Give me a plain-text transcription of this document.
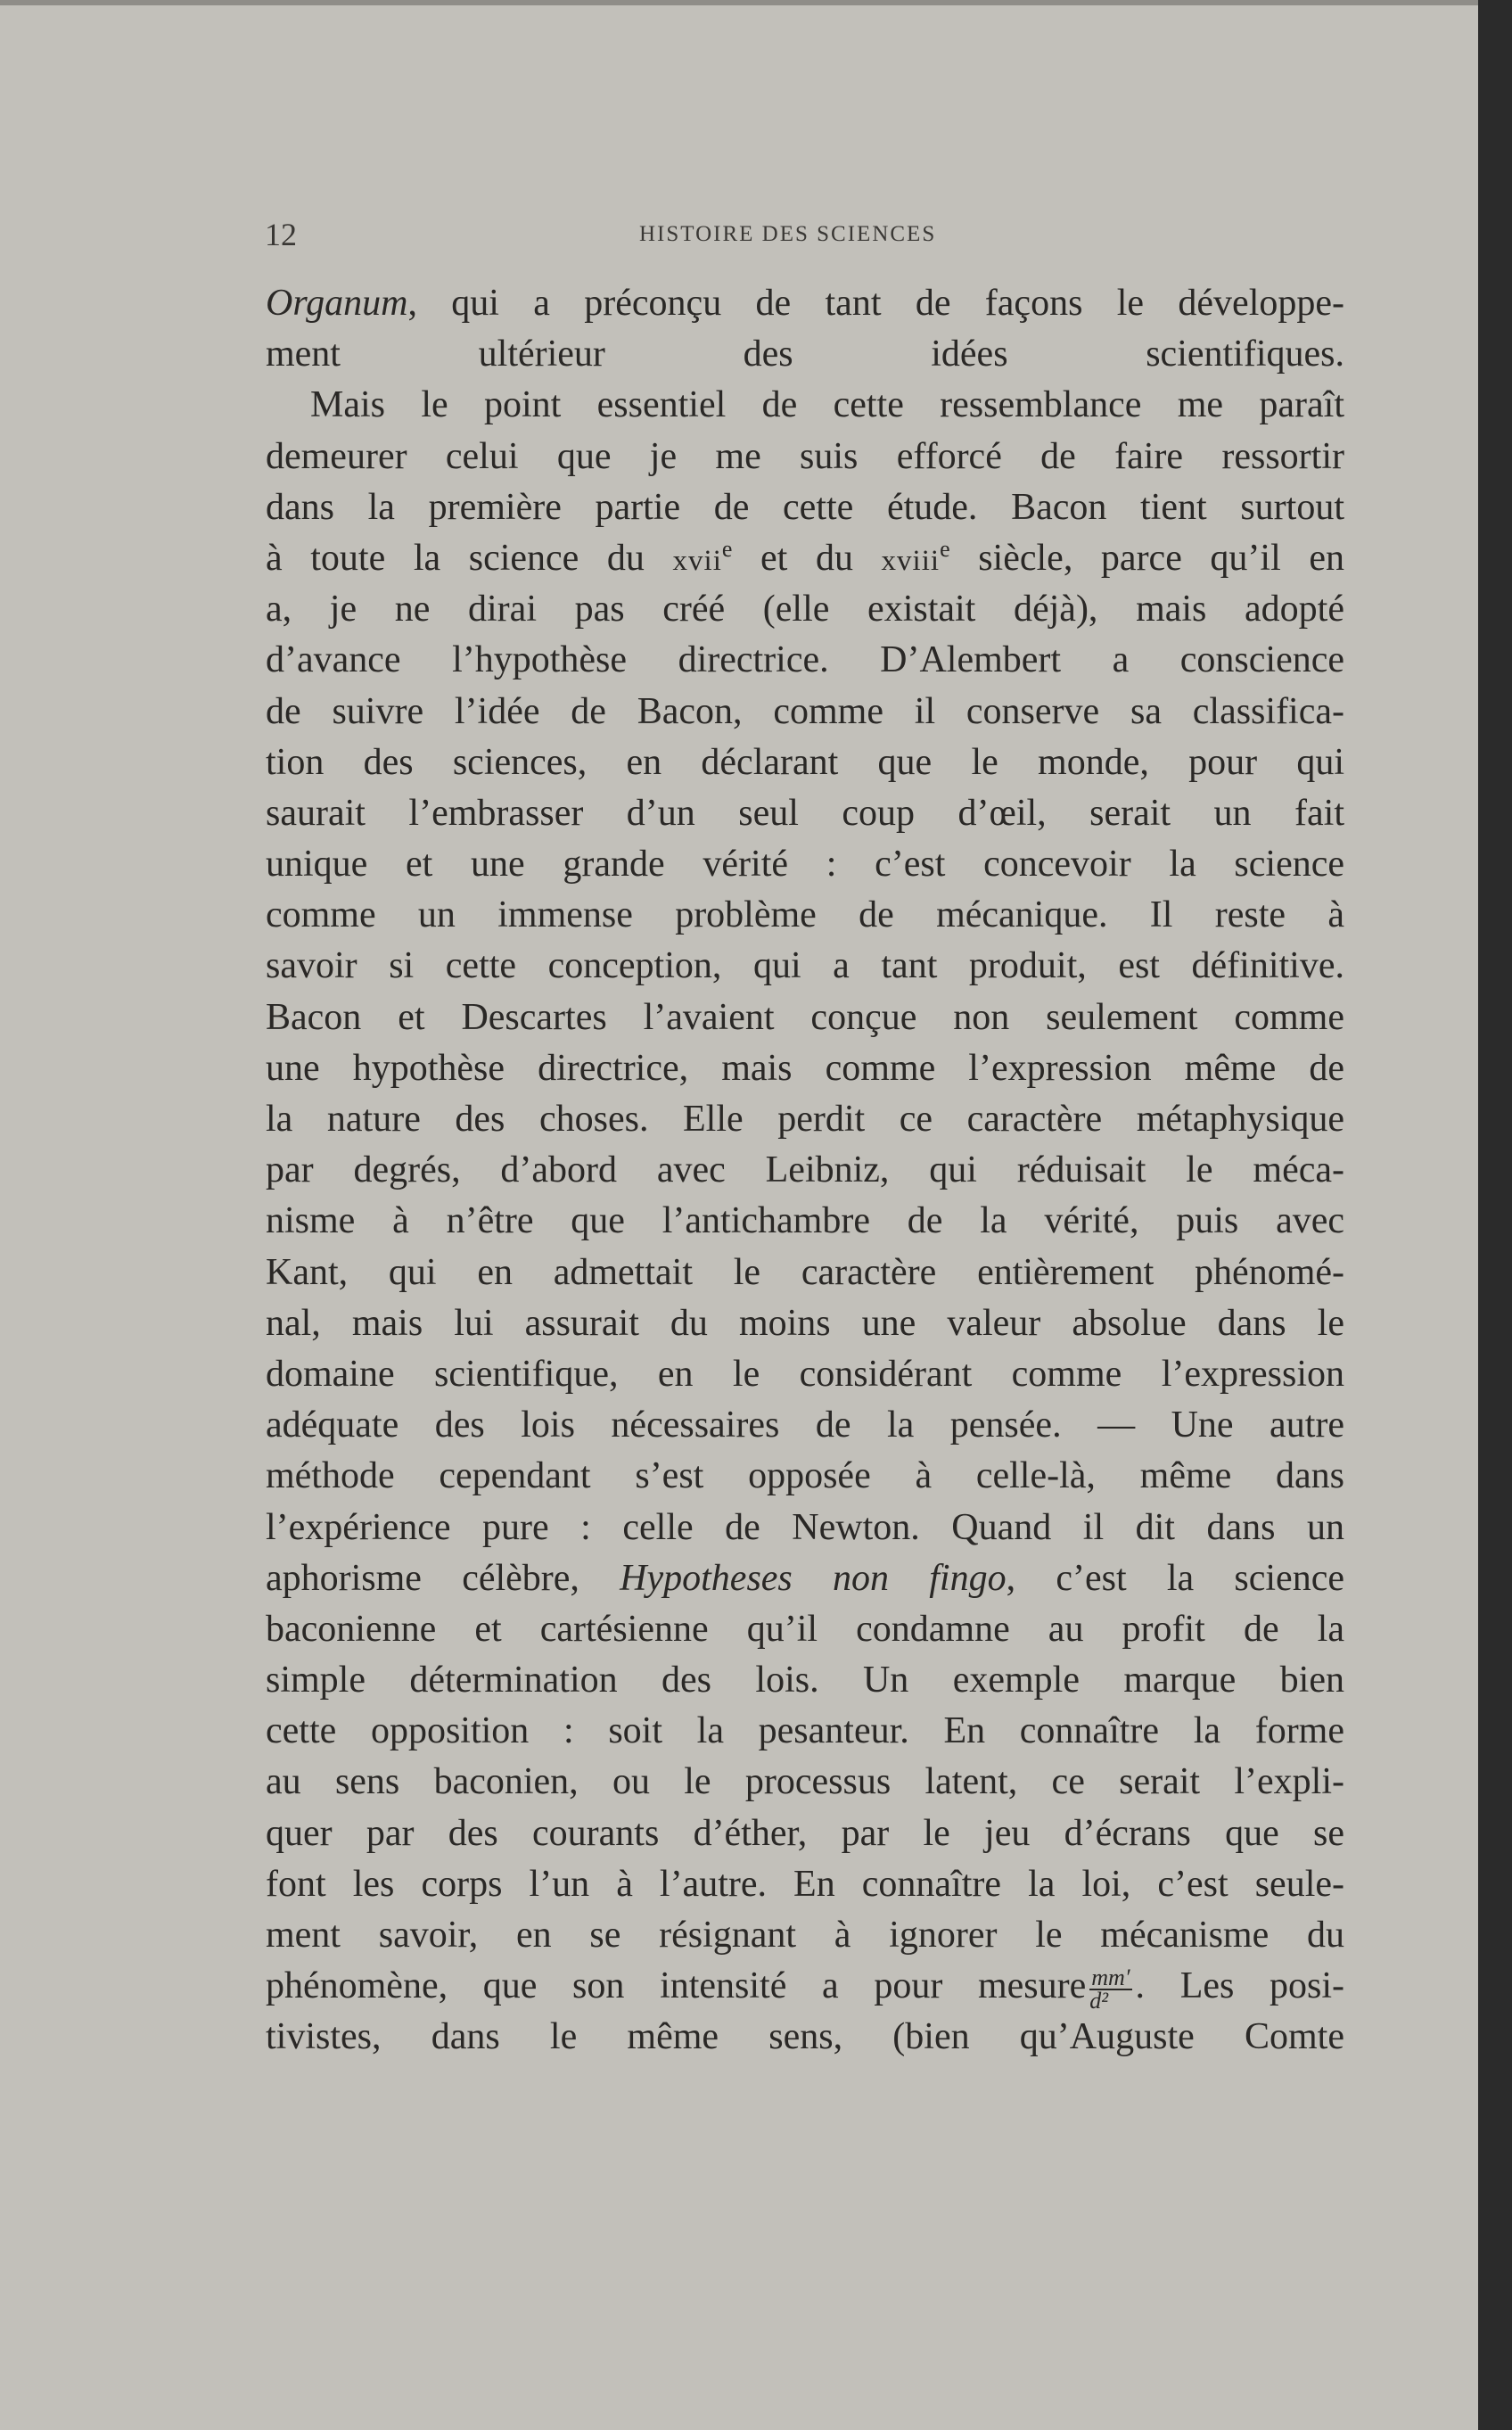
12	HISTOIRE DES SCIENCES
Organum, qui a préconçu de tant de façons le développe-
ment ultérieur des idées scientifiques.
Mais le point essentiel de cette ressemblance me paraît
demeurer celui que je me suis efforcé de faire ressortir
dans la première partie de cette étude. Bacon tient surtout
à toute la science du xvii$^e$ et du xviii$^e$ siècle, parce qu’il en
a, je ne dirai pas créé (elle existait déjà), mais adopté
d’avance l’hypothèse directrice. D’Alembert a conscience
de suivre l’idée de Bacon, comme il conserve sa classifica-
tion des sciences, en déclarant que le monde, pour qui
saurait l’embrasser d’un seul coup d’œil, serait un fait
unique et une grande vérité : c’est concevoir la science
comme un immense problème de mécanique. Il reste à
savoir si cette conception, qui a tant produit, est définitive.
Bacon et Descartes l’avaient conçue non seulement comme
une hypothèse directrice, mais comme l’expression même de
la nature des choses. Elle perdit ce caractère métaphysique
par degrés, d’abord avec Leibniz, qui réduisait le méca-
nisme à n’être que l’antichambre de la vérité, puis avec
Kant, qui en admettait le caractère entièrement phénomé-
nal, mais lui assurait du moins une valeur absolue dans le
domaine scientifique, en le considérant comme l’expression
adéquate des lois nécessaires de la pensée. — Une autre
méthode cependant s’est opposée à celle-là, même dans
l’expérience pure : celle de Newton. Quand il dit dans un
aphorisme célèbre, Hypotheses non fingo, c’est la science
baconienne et cartésienne qu’il condamne au profit de la
simple détermination des lois. Un exemple marque bien
cette opposition : soit la pesanteur. En connaître la forme
au sens baconien, ou le processus latent, ce serait l’expli-
quer par des courants d’éther, par le jeu d’écrans que se
font les corps l’un à l’autre. En connaître la loi, c’est seule-
ment savoir, en se résignant à ignorer le mécanisme du
phénomène, que son intensité a pour mesure $\frac{mm'}{\text{d²}}$ . Les posi-
tivistes, dans le même sens, (bien qu’Auguste Comte
